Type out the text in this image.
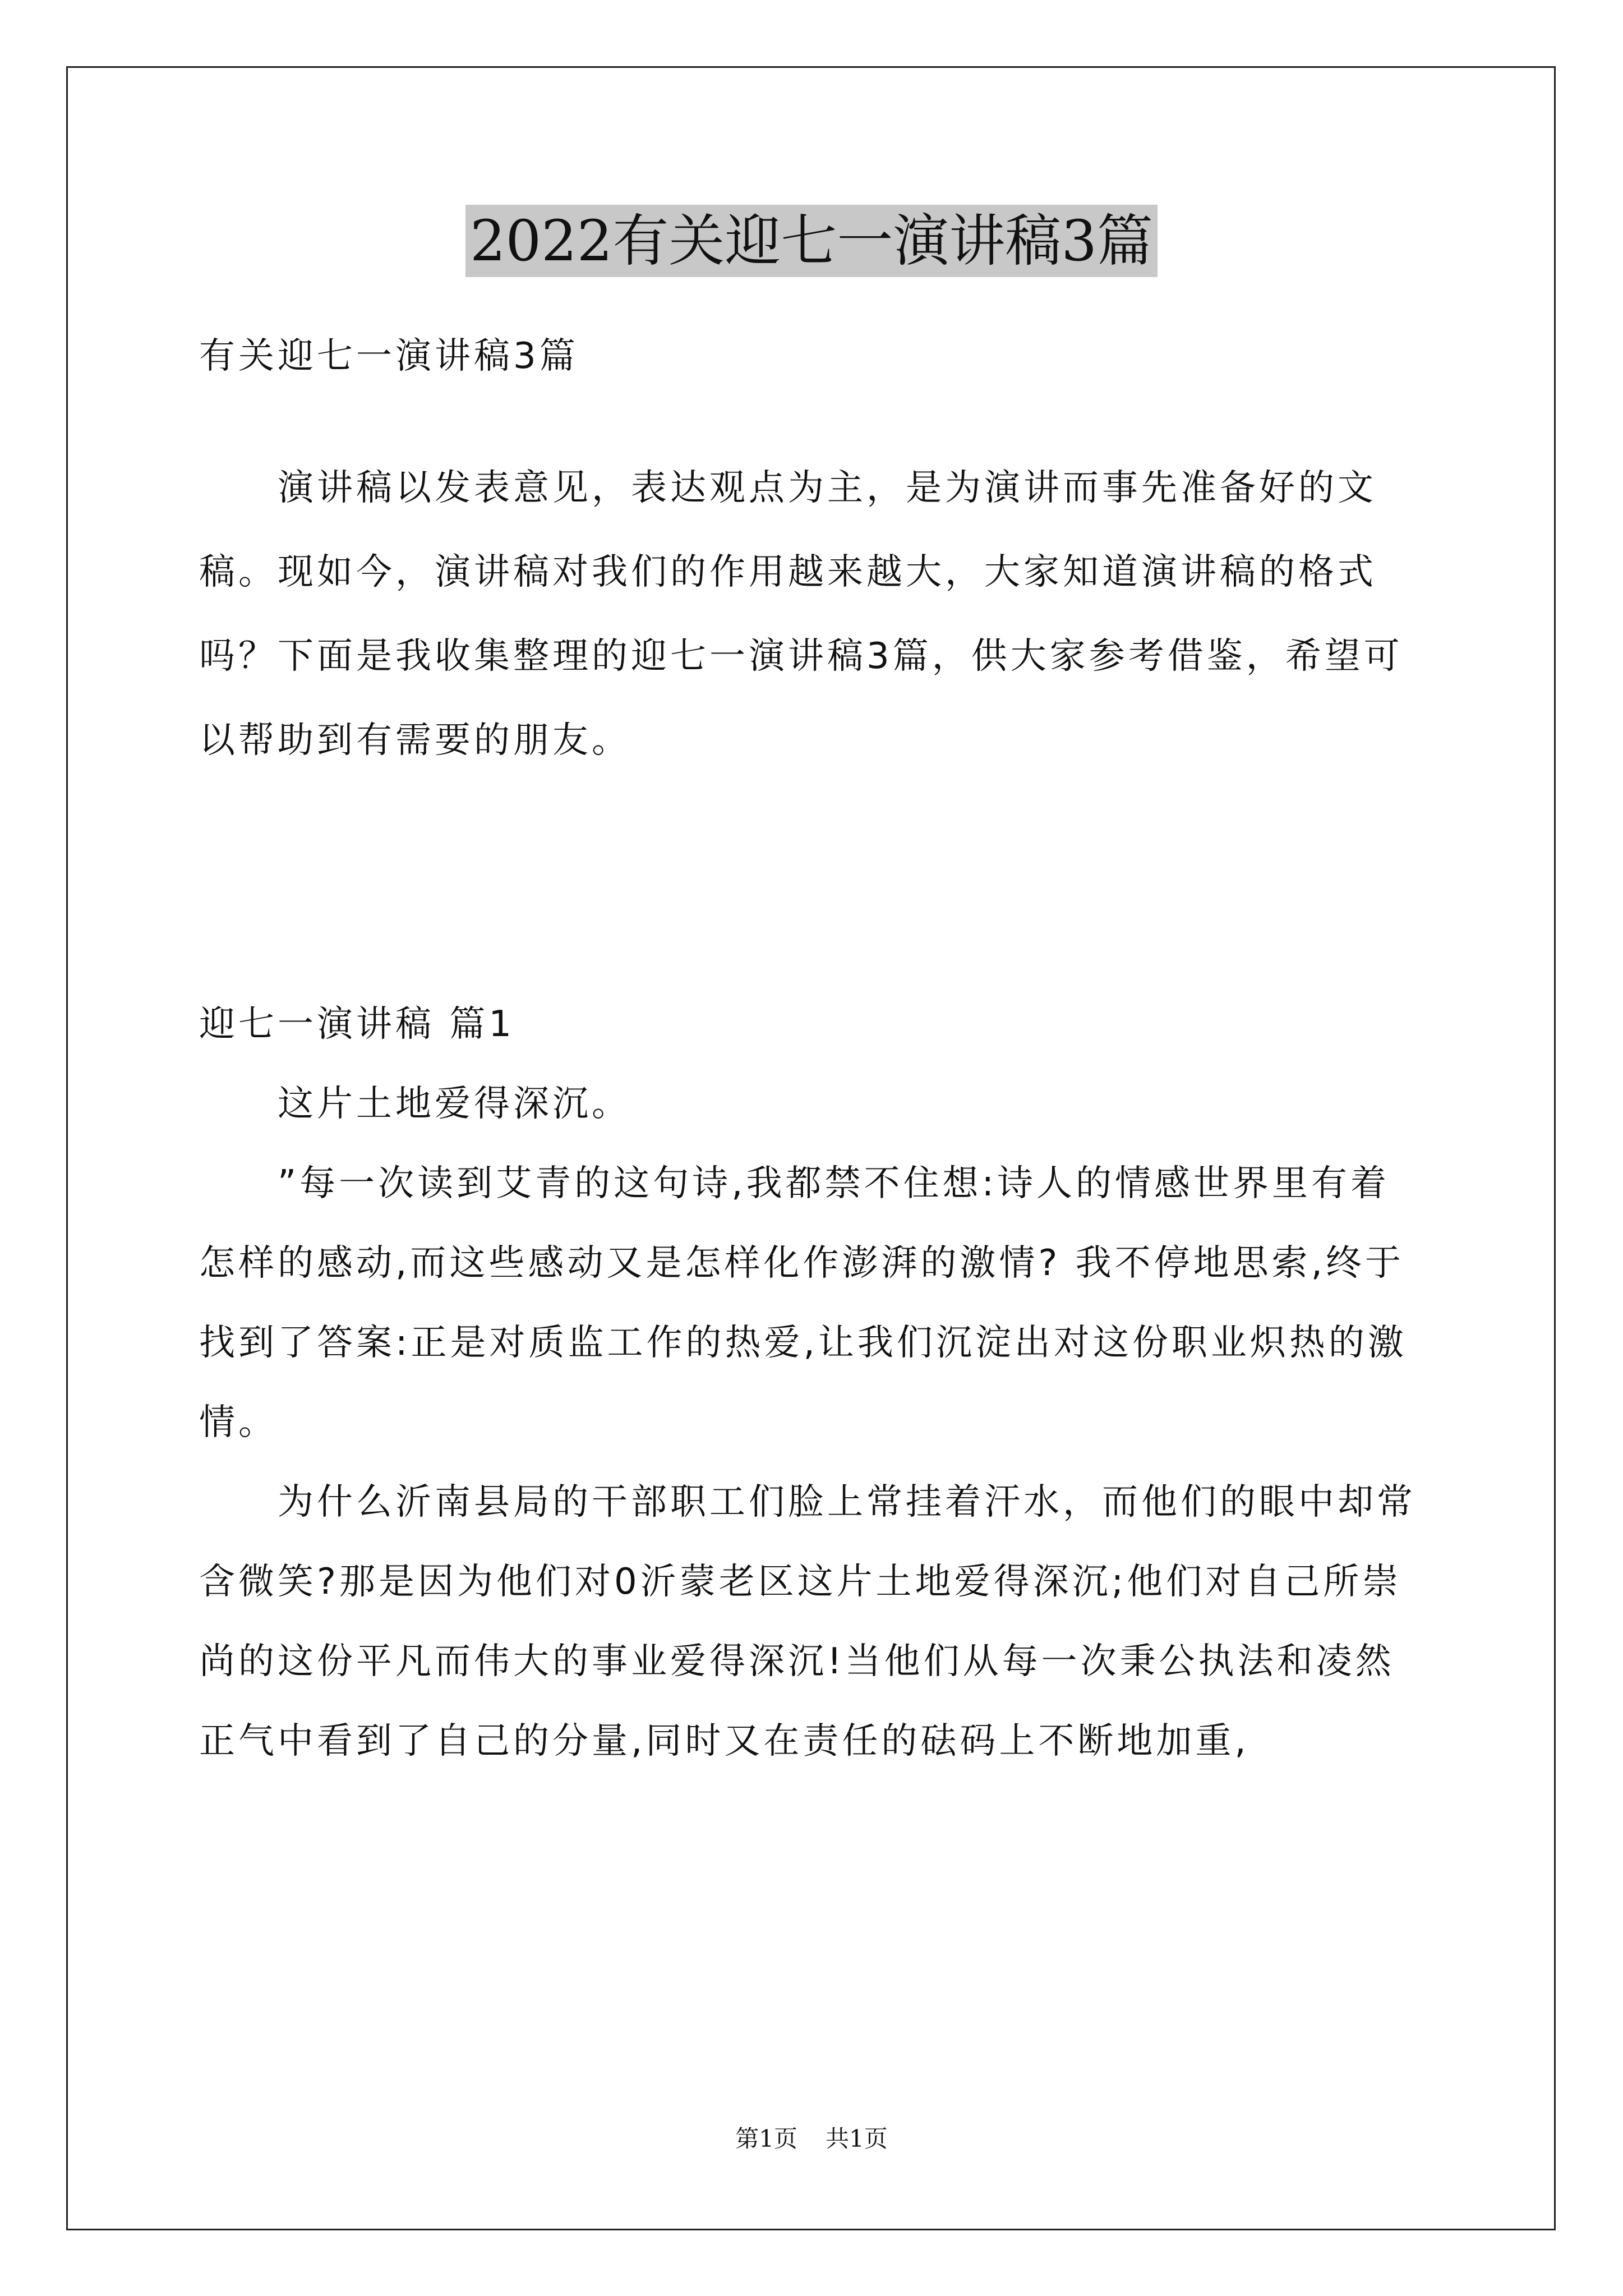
2022有关迎七一演讲稿3篇

有关迎七一演讲稿3篇

演讲稿以发表意见，表达观点为主，是为演讲而事先准备好的文稿。现如今，演讲稿对我们的作用越来越大，大家知道演讲稿的格式吗？下面是我收集整理的迎七一演讲稿3篇，供大家参考借鉴，希望可以帮助到有需要的朋友。

迎七一演讲稿 篇1

这片土地爱得深沉。

”每一次读到艾青的这句诗,我都禁不住想:诗人的情感世界里有着怎样的感动,而这些感动又是怎样化作澎湃的激情? 我不停地思索,终于找到了答案:正是对质监工作的热爱,让我们沉淀出对这份职业炽热的激情。

为什么沂南县局的干部职工们脸上常挂着汗水，而他们的眼中却常含微笑?那是因为他们对0沂蒙老区这片土地爱得深沉;他们对自己所崇尚的这份平凡而伟大的事业爱得深沉!当他们从每一次秉公执法和凌然正气中看到了自己的分量,同时又在责任的砝码上不断地加重,

第1页 共1页
